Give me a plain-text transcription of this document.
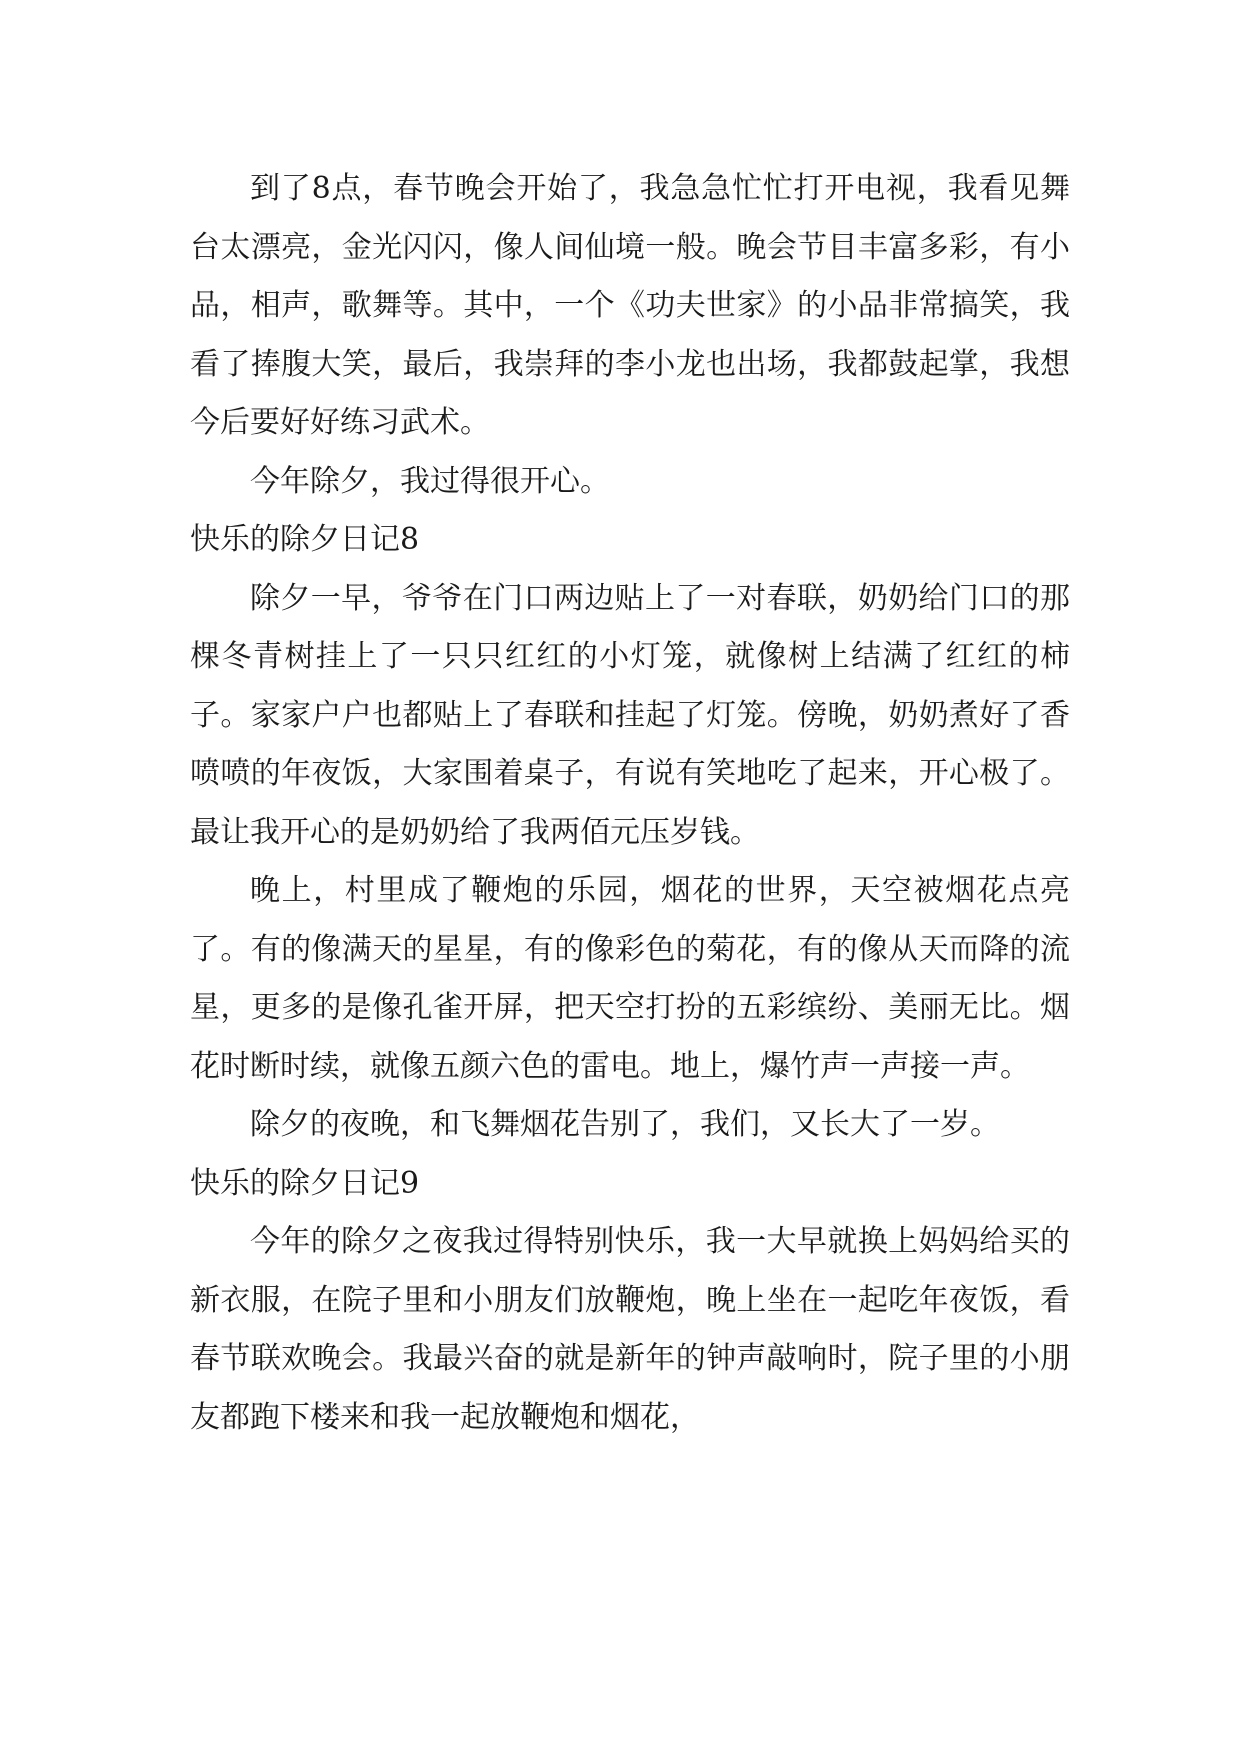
到了8点，春节晚会开始了，我急急忙忙打开电视，我看见舞台太漂亮，金光闪闪，像人间仙境一般。晚会节目丰富多彩，有小品，相声，歌舞等。其中，一个《功夫世家》的小品非常搞笑，我看了捧腹大笑，最后，我崇拜的李小龙也出场，我都鼓起掌，我想今后要好好练习武术。

今年除夕，我过得很开心。

快乐的除夕日记8

除夕一早，爷爷在门口两边贴上了一对春联，奶奶给门口的那棵冬青树挂上了一只只红红的小灯笼，就像树上结满了红红的柿子。家家户户也都贴上了春联和挂起了灯笼。傍晚，奶奶煮好了香喷喷的年夜饭，大家围着桌子，有说有笑地吃了起来，开心极了。最让我开心的是奶奶给了我两佰元压岁钱。

晚上，村里成了鞭炮的乐园，烟花的世界，天空被烟花点亮了。有的像满天的星星，有的像彩色的菊花，有的像从天而降的流星，更多的是像孔雀开屏，把天空打扮的五彩缤纷、美丽无比。烟花时断时续，就像五颜六色的雷电。地上，爆竹声一声接一声。

除夕的夜晚，和飞舞烟花告别了，我们，又长大了一岁。

快乐的除夕日记9

今年的除夕之夜我过得特别快乐，我一大早就换上妈妈给买的新衣服，在院子里和小朋友们放鞭炮，晚上坐在一起吃年夜饭，看春节联欢晚会。我最兴奋的就是新年的钟声敲响时，院子里的小朋友都跑下楼来和我一起放鞭炮和烟花，
